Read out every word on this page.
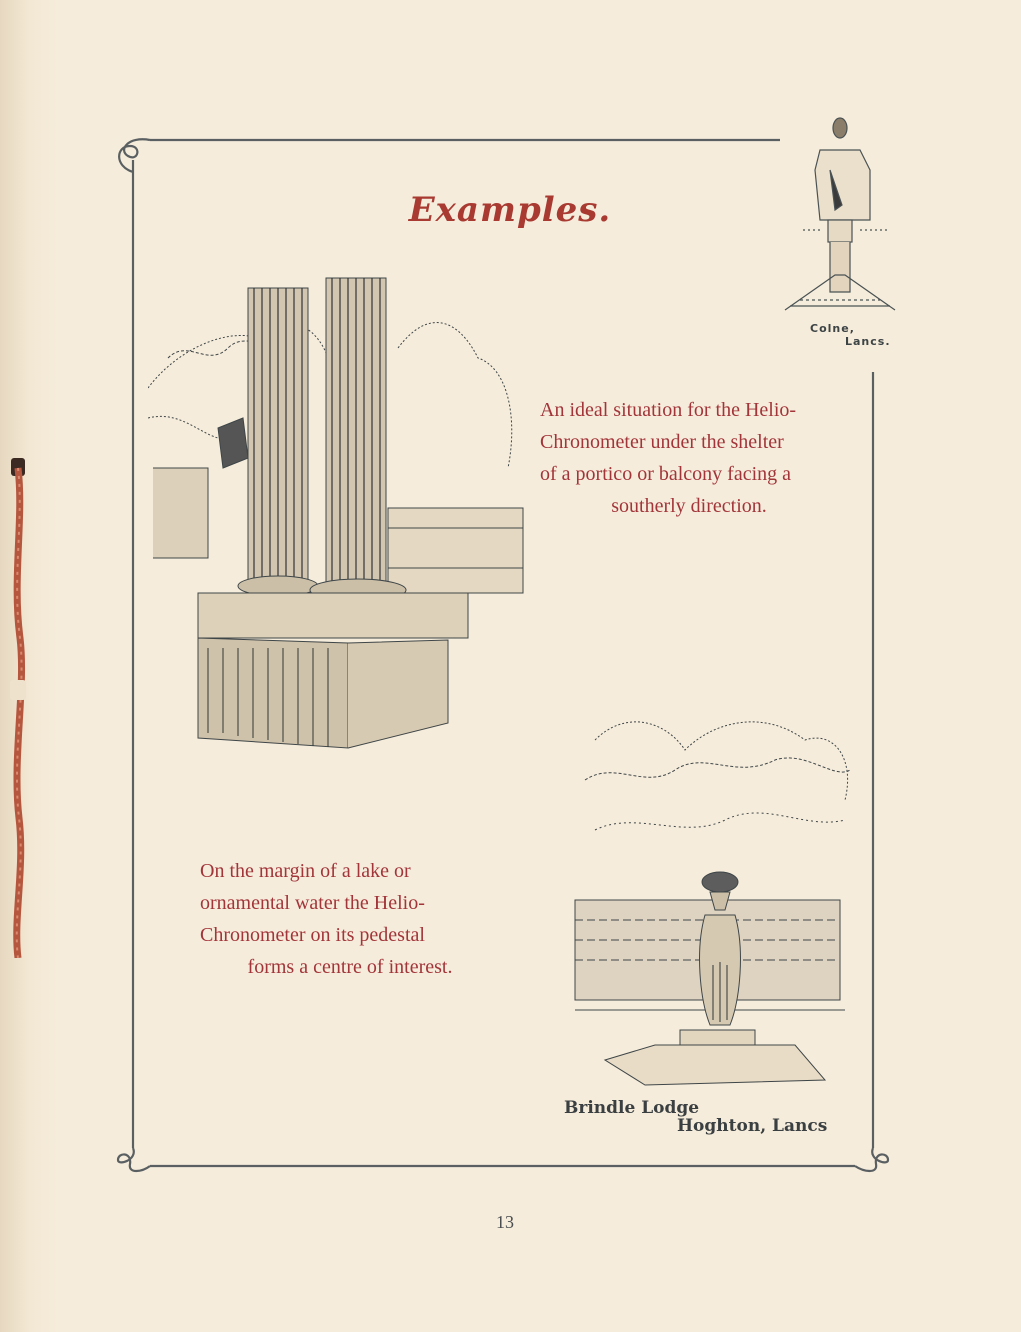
Examples.
Colne,
Lancs.
An ideal situation for the Helio-
Chronometer under the shelter
of a portico or balcony facing a
southerly direction.
Brindle Lodge
Hoghton, Lancs
On the margin of a lake or
ornamental water the Helio-
Chronometer on its pedestal
forms a centre of interest.
13
